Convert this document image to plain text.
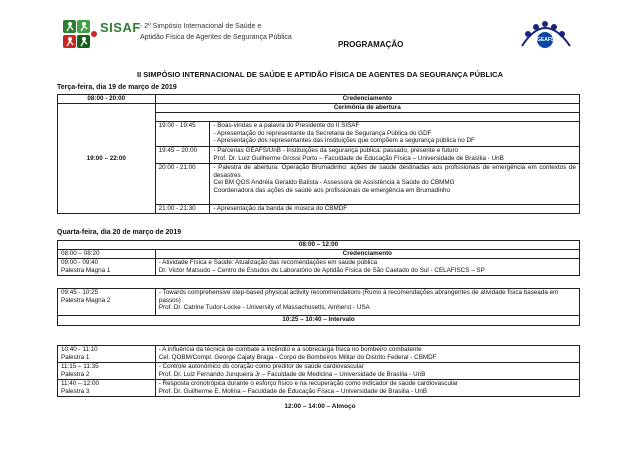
SISAF - 2º Simpósio Internacional de Saúde e
Aptidão Física de Agentes de Segurança Pública
PROGRAMAÇÃO	GEAFS
II SIMPÓSIO INTERNACIONAL DE SAÚDE E APTIDÃO FÍSICA DE AGENTES DA SEGURANÇA PÚBLICA
Terça-feira, dia 19 de março de 2019
08:00 - 20:00	Credenciamento	
19:00 – 22:00	Cerimônia de abertura	

	19:00 - 19:45	- Boas-vindas e a palavra do Presidente do II SISAF
- Apresentação do representante da Secretaria de Segurança Pública do GDF
- Apresentação dos representantes das instituições que compõem a segurança pública no DF

	19:45 – 20:00	- Parcerias GEAFS/UnB - Instituições da segurança pública: passado, presente e futuro
Prof. Dr. Luiz Guilherme Grossi Porto – Faculdade de Educação Física – Universidade de Brasília - UnB

	20:00 - 21:00	- Palestra de abertura: Operação Brumadinho: ações de saúde destinadas aos profissionais de emergência em contextos de desastres
Cel BM QOS Andréia Geraldo Batista - Assessora de Assistência à Saúde do CBMMG
Coordenadora das ações de saúde aos profissionais de emergência em Brumadinho

	21:00 - 21:30	- Apresentação da banda de música do CBMDF
Quarta-feira, dia 20 de março de 2019
08:00 – 12:00	
08:00 – 08:20	Credenciamento

09:00 - 09:40
Palestra Magna 1	- Atividade Física e Saúde: Atualização das recomendações em saúde pública
Dr. Victor Matsudo – Centro de Estudos do Laboratório de Aptidão Física de São Caetado do Sul - CELAFISCS – SP
09:45 - 10:25
Palestra Magna 2

- Towards comprehensive step-based physical activity recommendations (Rumo à recomendações abrangentes de atividade física baseada em passos)
Prof. Dr. Catrine Tudor-Locke - University of Massachusetts, Amherst - USA

10:25 – 10:40 – Intervalo
10:40 - 11:10
Palestra 1	- A influência da técnica de combate a incêndio e a sobrecarga física no bombeiro combatente
Cel. QOBM/Compl. George Cajaty Braga - Corpo de Bombeiros Militar do Distrito Federal - CBMDF

11:15 – 11:35
Palestra 2	- Controle autonômico do coração como preditor de saúde cardiovascular
Prof. Dr. Luiz Fernando Junqueira Jr – Faculdade de Medicina – Universidade de Brasília - UnB

11:40 – 12:00
Palestra 3	- Resposta cronotrópica durante o esforço físico e na recuperação como indicador de saúde cardiovascular
Prof. Dr. Guilherme E. Molina – Faculdade de Educação Física – Universidade de Brasília - UnB
12:00 – 14:00 – Almoço
